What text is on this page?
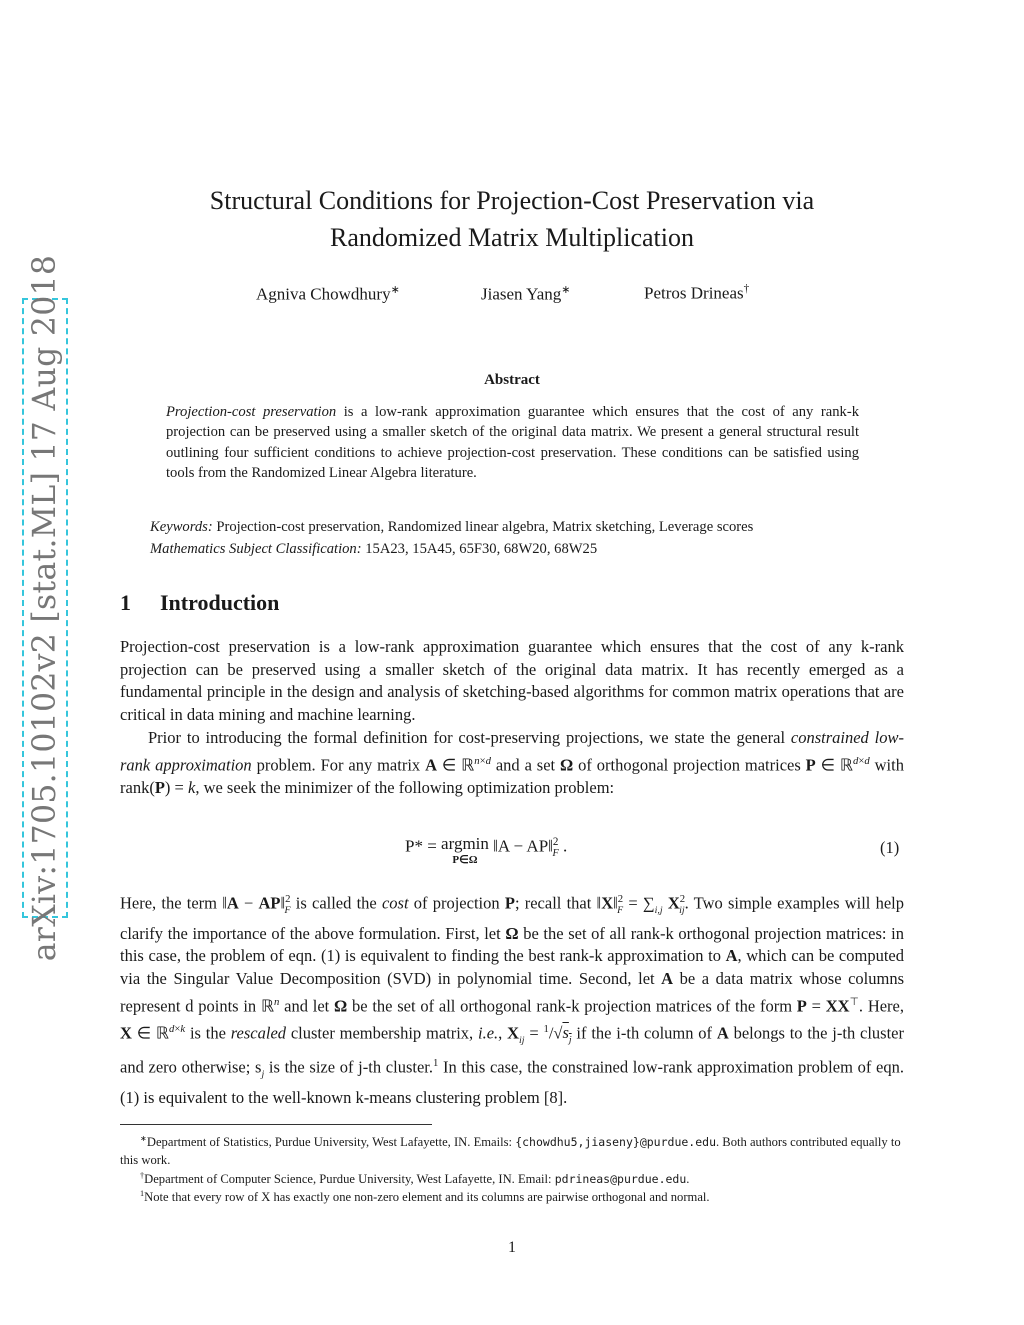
arXiv:1705.10102v2 [stat.ML] 17 Aug 2018
Structural Conditions for Projection-Cost Preservation via
Randomized Matrix Multiplication
Agniva Chowdhury∗	Jiasen Yang∗	Petros Drineas†
Abstract
Projection-cost preservation is a low-rank approximation guarantee which ensures that the cost of any rank-k projection can be preserved using a smaller sketch of the original data matrix. We present a general structural result outlining four sufficient conditions to achieve projection-cost preservation. These conditions can be satisfied using tools from the Randomized Linear Algebra literature.
Keywords: Projection-cost preservation, Randomized linear algebra, Matrix sketching, Leverage scores
Mathematics Subject Classification: 15A23, 15A45, 65F30, 68W20, 68W25
1 Introduction
Projection-cost preservation is a low-rank approximation guarantee which ensures that the cost of any k-rank projection can be preserved using a smaller sketch of the original data matrix. It has recently emerged as a fundamental principle in the design and analysis of sketching-based algorithms for common matrix operations that are critical in data mining and machine learning.
Prior to introducing the formal definition for cost-preserving projections, we state the general constrained low-rank approximation problem. For any matrix A ∈ ℝ$^{n\times d}$ and a set Ω of orthogonal projection matrices P ∈ ℝ$^{d\times d}$ with rank(P) = k, we seek the minimizer of the following optimization problem:
P* = argmin
P∈Ω
‖A − AP‖$^2_F$ .	(1)
Here, the term ‖A − AP‖$^2_F$ is called the cost of projection P; recall that ‖X‖$^2_F$ = $\sum_{i,j}$ $X^2_{ij}$. Two simple examples will help clarify the importance of the above formulation. First, let Ω be the set of all rank-k orthogonal projection matrices: in this case, the problem of eqn. (1) is equivalent to finding the best rank-k approximation to A, which can be computed via the Singular Value Decomposition (SVD) in polynomial time. Second, let A be a data matrix whose columns represent d points in ℝ$^n$ and let Ω be the set of all orthogonal rank-k projection matrices of the form P = XX⊤. Here, X ∈ ℝ$^{d\times k}$ is the rescaled cluster membership matrix, i.e., $X_{ij} = ^1/√s_j$ if the i-th column of A belongs to the j-th cluster and zero otherwise; $s_j$ is the size of j-th cluster.$^1$ In this case, the constrained low-rank approximation problem of eqn. (1) is equivalent to the well-known k-means clustering problem [8].
∗Department of Statistics, Purdue University, West Lafayette, IN. Emails: {chowdhu5,jiaseny}@purdue.edu. Both authors contributed equally to this work.
†Department of Computer Science, Purdue University, West Lafayette, IN. Email: pdrineas@purdue.edu.
$^1$Note that every row of X has exactly one non-zero element and its columns are pairwise orthogonal and normal.
1
